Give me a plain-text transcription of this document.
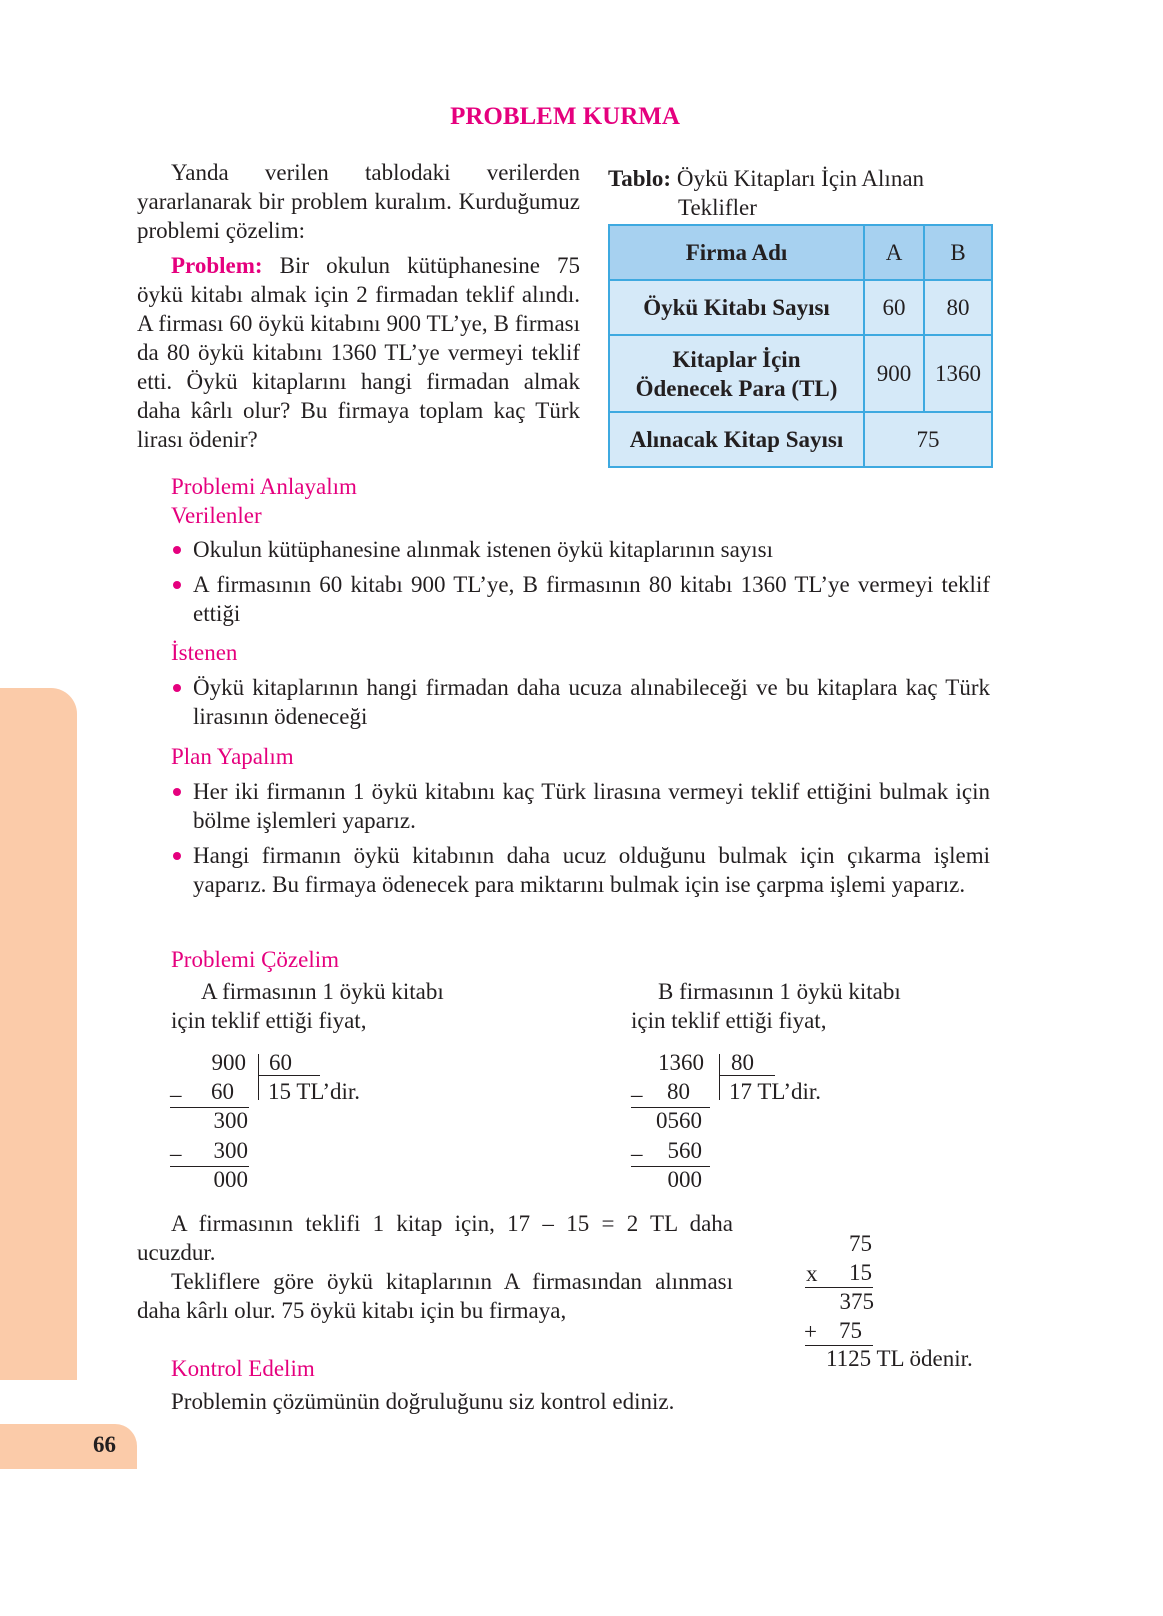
66
PROBLEM KURMA
Yanda verilen tablodaki verilerden yararlanarak bir problem kuralım. Kurduğumuz problemi çözelim:
Problem: Bir okulun kütüphanesine 75 öykü kitabı almak için 2 firmadan teklif alındı. A firması 60 öykü kitabını 900 TL’ye, B firması da 80 öykü kitabını 1360 TL’ye vermeyi teklif etti. Öykü kitaplarını hangi firmadan almak daha kârlı olur? Bu firmaya toplam kaç Türk lirası ödenir?
Tablo: Öykü Kitapları İçin Alınan
Teklifler
Firma Adı	A	B
Öykü Kitabı Sayısı	60	80
Kitaplar İçin
Ödenecek Para (TL)	900	1360
Alınacak Kitap Sayısı	75	
Problemi Anlayalım
Verilenler
Okulun kütüphanesine alınmak istenen öykü kitaplarının sayısı
A firmasının 60 kitabı 900 TL’ye, B firmasının 80 kitabı 1360 TL’ye vermeyi teklif ettiği
İstenen
Öykü kitaplarının hangi firmadan daha ucuza alınabileceği ve bu kitaplara kaç Türk lirasının ödeneceği
Plan Yapalım
Her iki firmanın 1 öykü kitabını kaç Türk lirasına vermeyi teklif ettiğini bulmak için bölme işlemleri yaparız.
Hangi firmanın öykü kitabının daha ucuz olduğunu bulmak için çıkarma işlemi yaparız. Bu firmaya ödenecek para miktarını bulmak için ise çarpma işlemi yaparız.
Problemi Çözelim
A firmasının 1 öykü kitabı için teklif ettiği fiyat,
B firmasının 1 öykü kitabı için teklif ettiği fiyat,
900
–	60
300
–	300
000
60
15 TL’dir.
1360
–	80
0560
–	560
000
80
17 TL’dir.
A firmasının teklifi 1 kitap için, 17 – 15 = 2 TL daha ucuzdur.
Tekliflere göre öykü kitaplarının A firmasından alınması daha kârlı olur. 75 öykü kitabı için bu firmaya,
75
x	15
375
+ 75
1125 TL ödenir.
Kontrol Edelim
Problemin çözümünün doğruluğunu siz kontrol ediniz.
